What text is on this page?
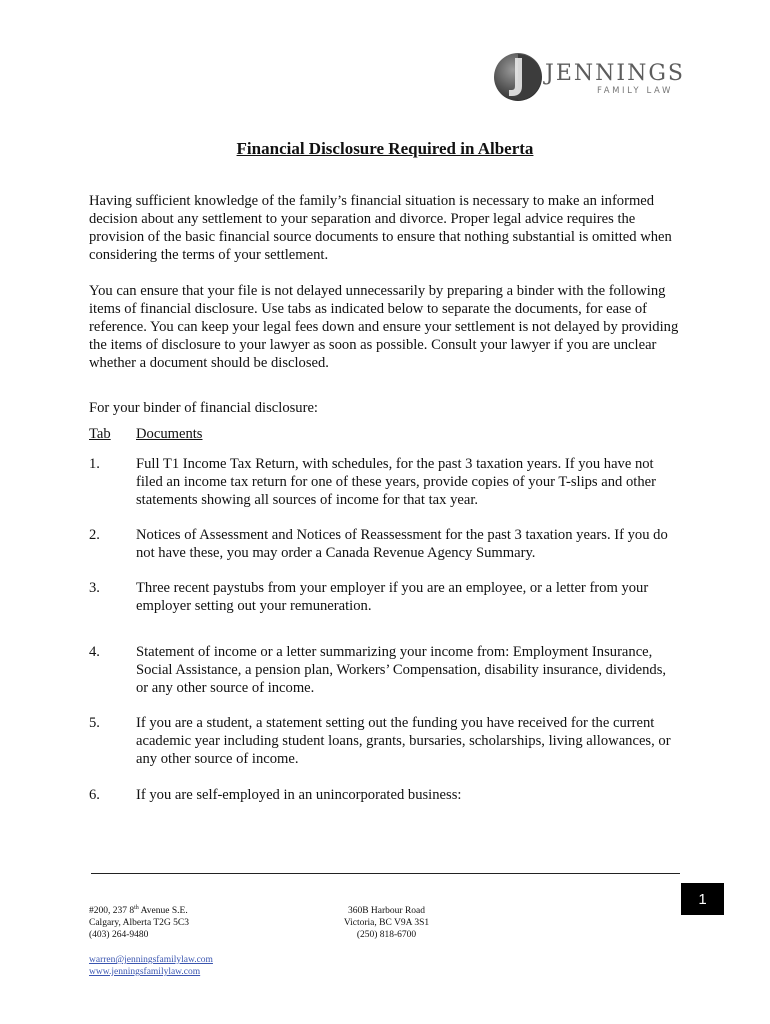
JENNINGS
FAMILY LAW
Financial Disclosure Required in Alberta

Having sufficient knowledge of the family’s financial situation is necessary to make an informed decision about any settlement to your separation and divorce. Proper legal advice requires the provision of the basic financial source documents to ensure that nothing substantial is omitted when considering the terms of your settlement.

You can ensure that your file is not delayed unnecessarily by preparing a binder with the following items of financial disclosure. Use tabs as indicated below to separate the documents, for ease of reference. You can keep your legal fees down and ensure your settlement is not delayed by providing the items of disclosure to your lawyer as soon as possible. Consult your lawyer if you are unclear whether a document should be disclosed.

For your binder of financial disclosure:

Tab Documents
1. Full T1 Income Tax Return, with schedules, for the past 3 taxation years. If you have not filed an income tax return for one of these years, provide copies of your T-slips and other statements showing all sources of income for that tax year.
2. Notices of Assessment and Notices of Reassessment for the past 3 taxation years. If you do not have these, you may order a Canada Revenue Agency Summary.
3. Three recent paystubs from your employer if you are an employee, or a letter from your employer setting out your remuneration.
4. Statement of income or a letter summarizing your income from: Employment Insurance, Social Assistance, a pension plan, Workers’ Compensation, disability insurance, dividends, or any other source of income.
5. If you are a student, a statement setting out the funding you have received for the current academic year including student loans, grants, bursaries, scholarships, living allowances, or any other source of income.
6. If you are self-employed in an unincorporated business:
1
#200, 237 8th Avenue S.E.
Calgary, Alberta T2G 5C3
(403) 264-9480
360B Harbour Road
Victoria, BC V9A 3S1
(250) 818-6700
warren@jenningsfamilylaw.com
www.jenningsfamilylaw.com
